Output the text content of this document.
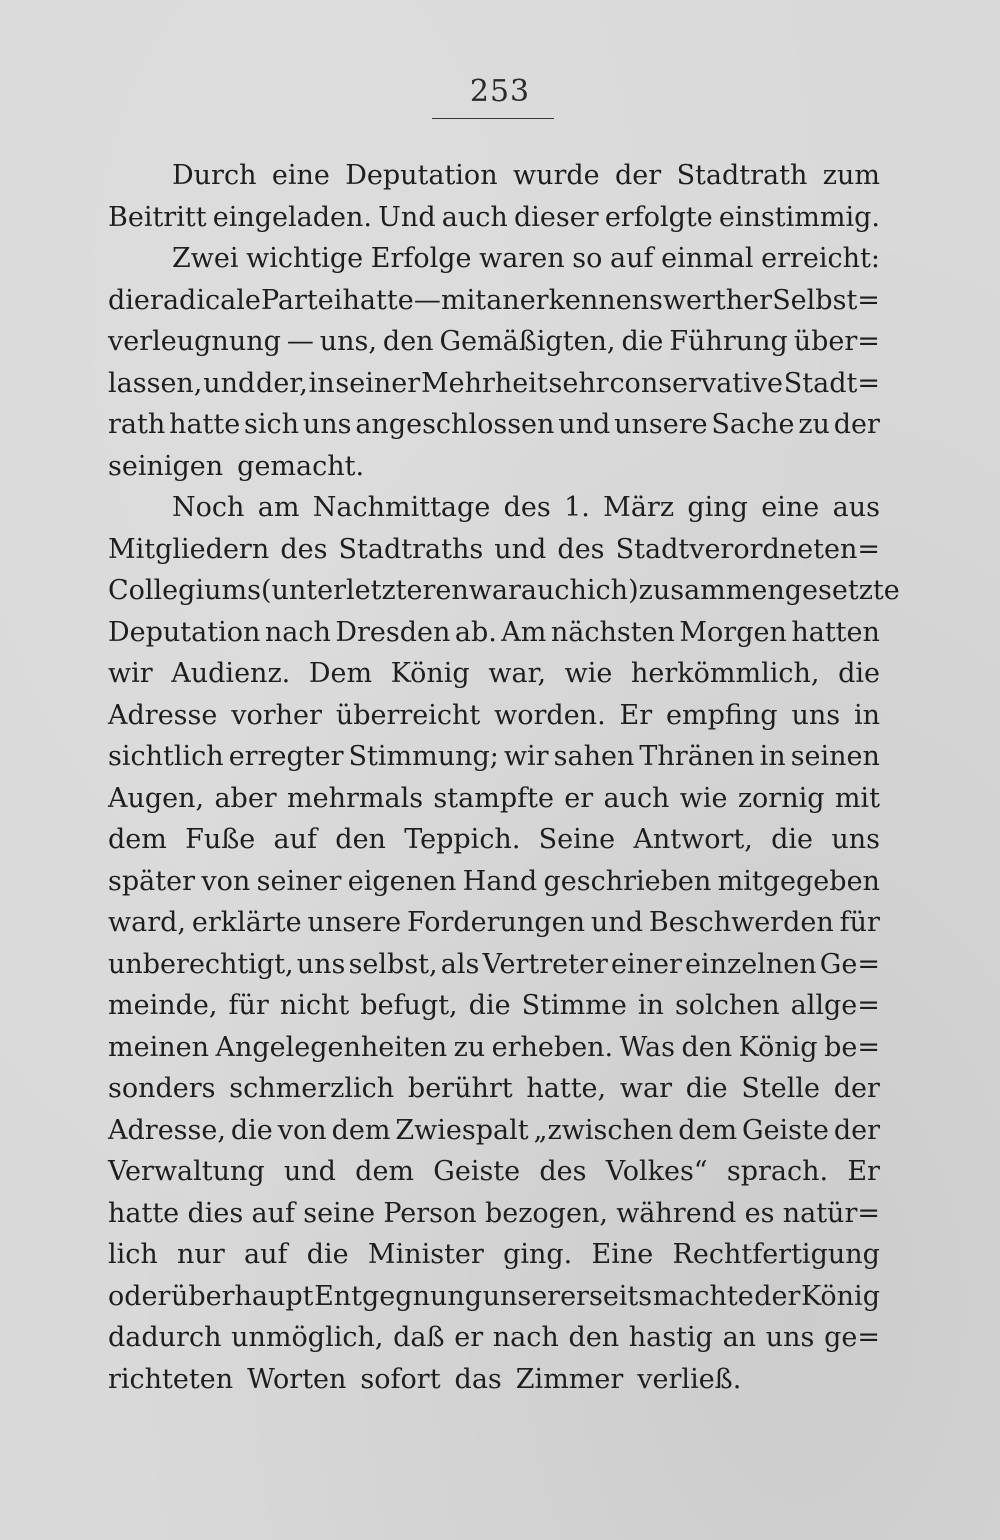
253
Durch eine Deputation wurde der Stadtrath zum
Beitritt eingeladen. Und auch dieser erfolgte einstimmig.
Zwei wichtige Erfolge waren so auf einmal erreicht:
die radicale Partei hatte — mit anerkennenswerther Selbst=
verleugnung — uns, den Gemäßigten, die Führung über=
lassen, und der, in seiner Mehrheit sehr conservative Stadt=
rath hatte sich uns angeschlossen und unsere Sache zu der
seinigen gemacht.
Noch am Nachmittage des 1. März ging eine aus
Mitgliedern des Stadtraths und des Stadtverordneten=
Collegiums (unter letzteren war auch ich) zusammengesetzte
Deputation nach Dresden ab. Am nächsten Morgen hatten
wir Audienz. Dem König war, wie herkömmlich, die
Adresse vorher überreicht worden. Er empfing uns in
sichtlich erregter Stimmung; wir sahen Thränen in seinen
Augen, aber mehrmals stampfte er auch wie zornig mit
dem Fuße auf den Teppich. Seine Antwort, die uns
später von seiner eigenen Hand geschrieben mitgegeben
ward, erklärte unsere Forderungen und Beschwerden für
unberechtigt, uns selbst, als Vertreter einer einzelnen Ge=
meinde, für nicht befugt, die Stimme in solchen allge=
meinen Angelegenheiten zu erheben. Was den König be=
sonders schmerzlich berührt hatte, war die Stelle der
Adresse, die von dem Zwiespalt „zwischen dem Geiste der
Verwaltung und dem Geiste des Volkes“ sprach. Er
hatte dies auf seine Person bezogen, während es natür=
lich nur auf die Minister ging. Eine Rechtfertigung
oder überhaupt Entgegnung unsererseits machte der König
dadurch unmöglich, daß er nach den hastig an uns ge=
richteten Worten sofort das Zimmer verließ.
